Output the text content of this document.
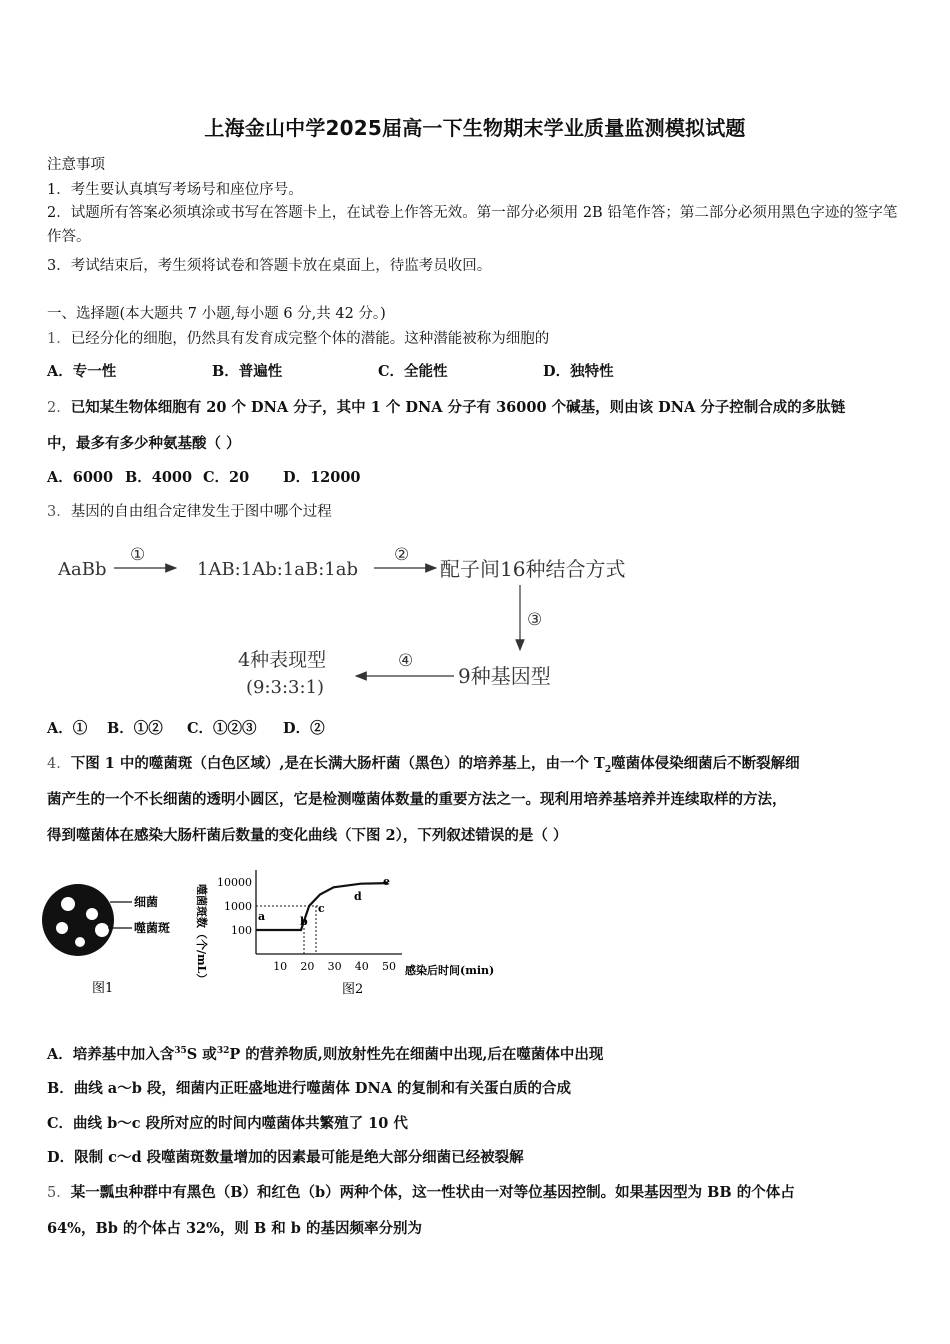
上海金山中学2025届高一下生物期末学业质量监测模拟试题
注意事项
1．考生要认真填写考场号和座位序号。
2．试题所有答案必须填涂或书写在答题卡上，在试卷上作答无效。第一部分必须用 2B 铅笔作答；第二部分必须用黑色字迹的签字笔作答。
3．考试结束后，考生须将试卷和答题卡放在桌面上，待监考员收回。
一、选择题(本大题共 7 小题,每小题 6 分,共 42 分。)
1．已经分化的细胞，仍然具有发育成完整个体的潜能。这种潜能被称为细胞的
A．专一性	B．普遍性	C．全能性	D．独特性
2．已知某生物体细胞有 20 个 DNA 分子，其中 1 个 DNA 分子有 36000 个碱基，则由该 DNA 分子控制合成的多肽链
中，最多有多少种氨基酸（ ）
A．6000 B．4000 C．20 D．12000
3．基因的自由组合定律发生于图中哪个过程
AaBb
①
1AB:1Ab:1aB:1ab
②
配子间16种结合方式
③
9种基因型
④
4种表现型
(9:3:3:1)
A．① B．①② C．①②③ D．②
4．下图 1 中的噬菌斑（白色区域）,是在长满大肠杆菌（黑色）的培养基上，由一个 $T_2$噬菌体侵染细菌后不断裂解细
菌产生的一个不长细菌的透明小圆区，它是检测噬菌体数量的重要方法之一。现利用培养基培养并连续取样的方法，
得到噬菌体在感染大肠杆菌后数量的变化曲线（下图 2），下列叙述错误的是（ ）
细菌
噬菌斑
图1
噬菌斑数（个/mL）
10000
1000
100
10 20 30 40 50 感染后时间(min)
a	b
c
d
e
图2
A．培养基中加入含$^{35}$S 或$^{32}$P 的营养物质,则放射性先在细菌中出现,后在噬菌体中出现
B．曲线 a～b 段，细菌内正旺盛地进行噬菌体 DNA 的复制和有关蛋白质的合成
C．曲线 b～c 段所对应的时间内噬菌体共繁殖了 10 代
D．限制 c～d 段噬菌斑数量增加的因素最可能是绝大部分细菌已经被裂解
5．某一瓢虫种群中有黑色（B）和红色（b）两种个体，这一性状由一对等位基因控制。如果基因型为 BB 的个体占
64%，Bb 的个体占 32%，则 B 和 b 的基因频率分别为
